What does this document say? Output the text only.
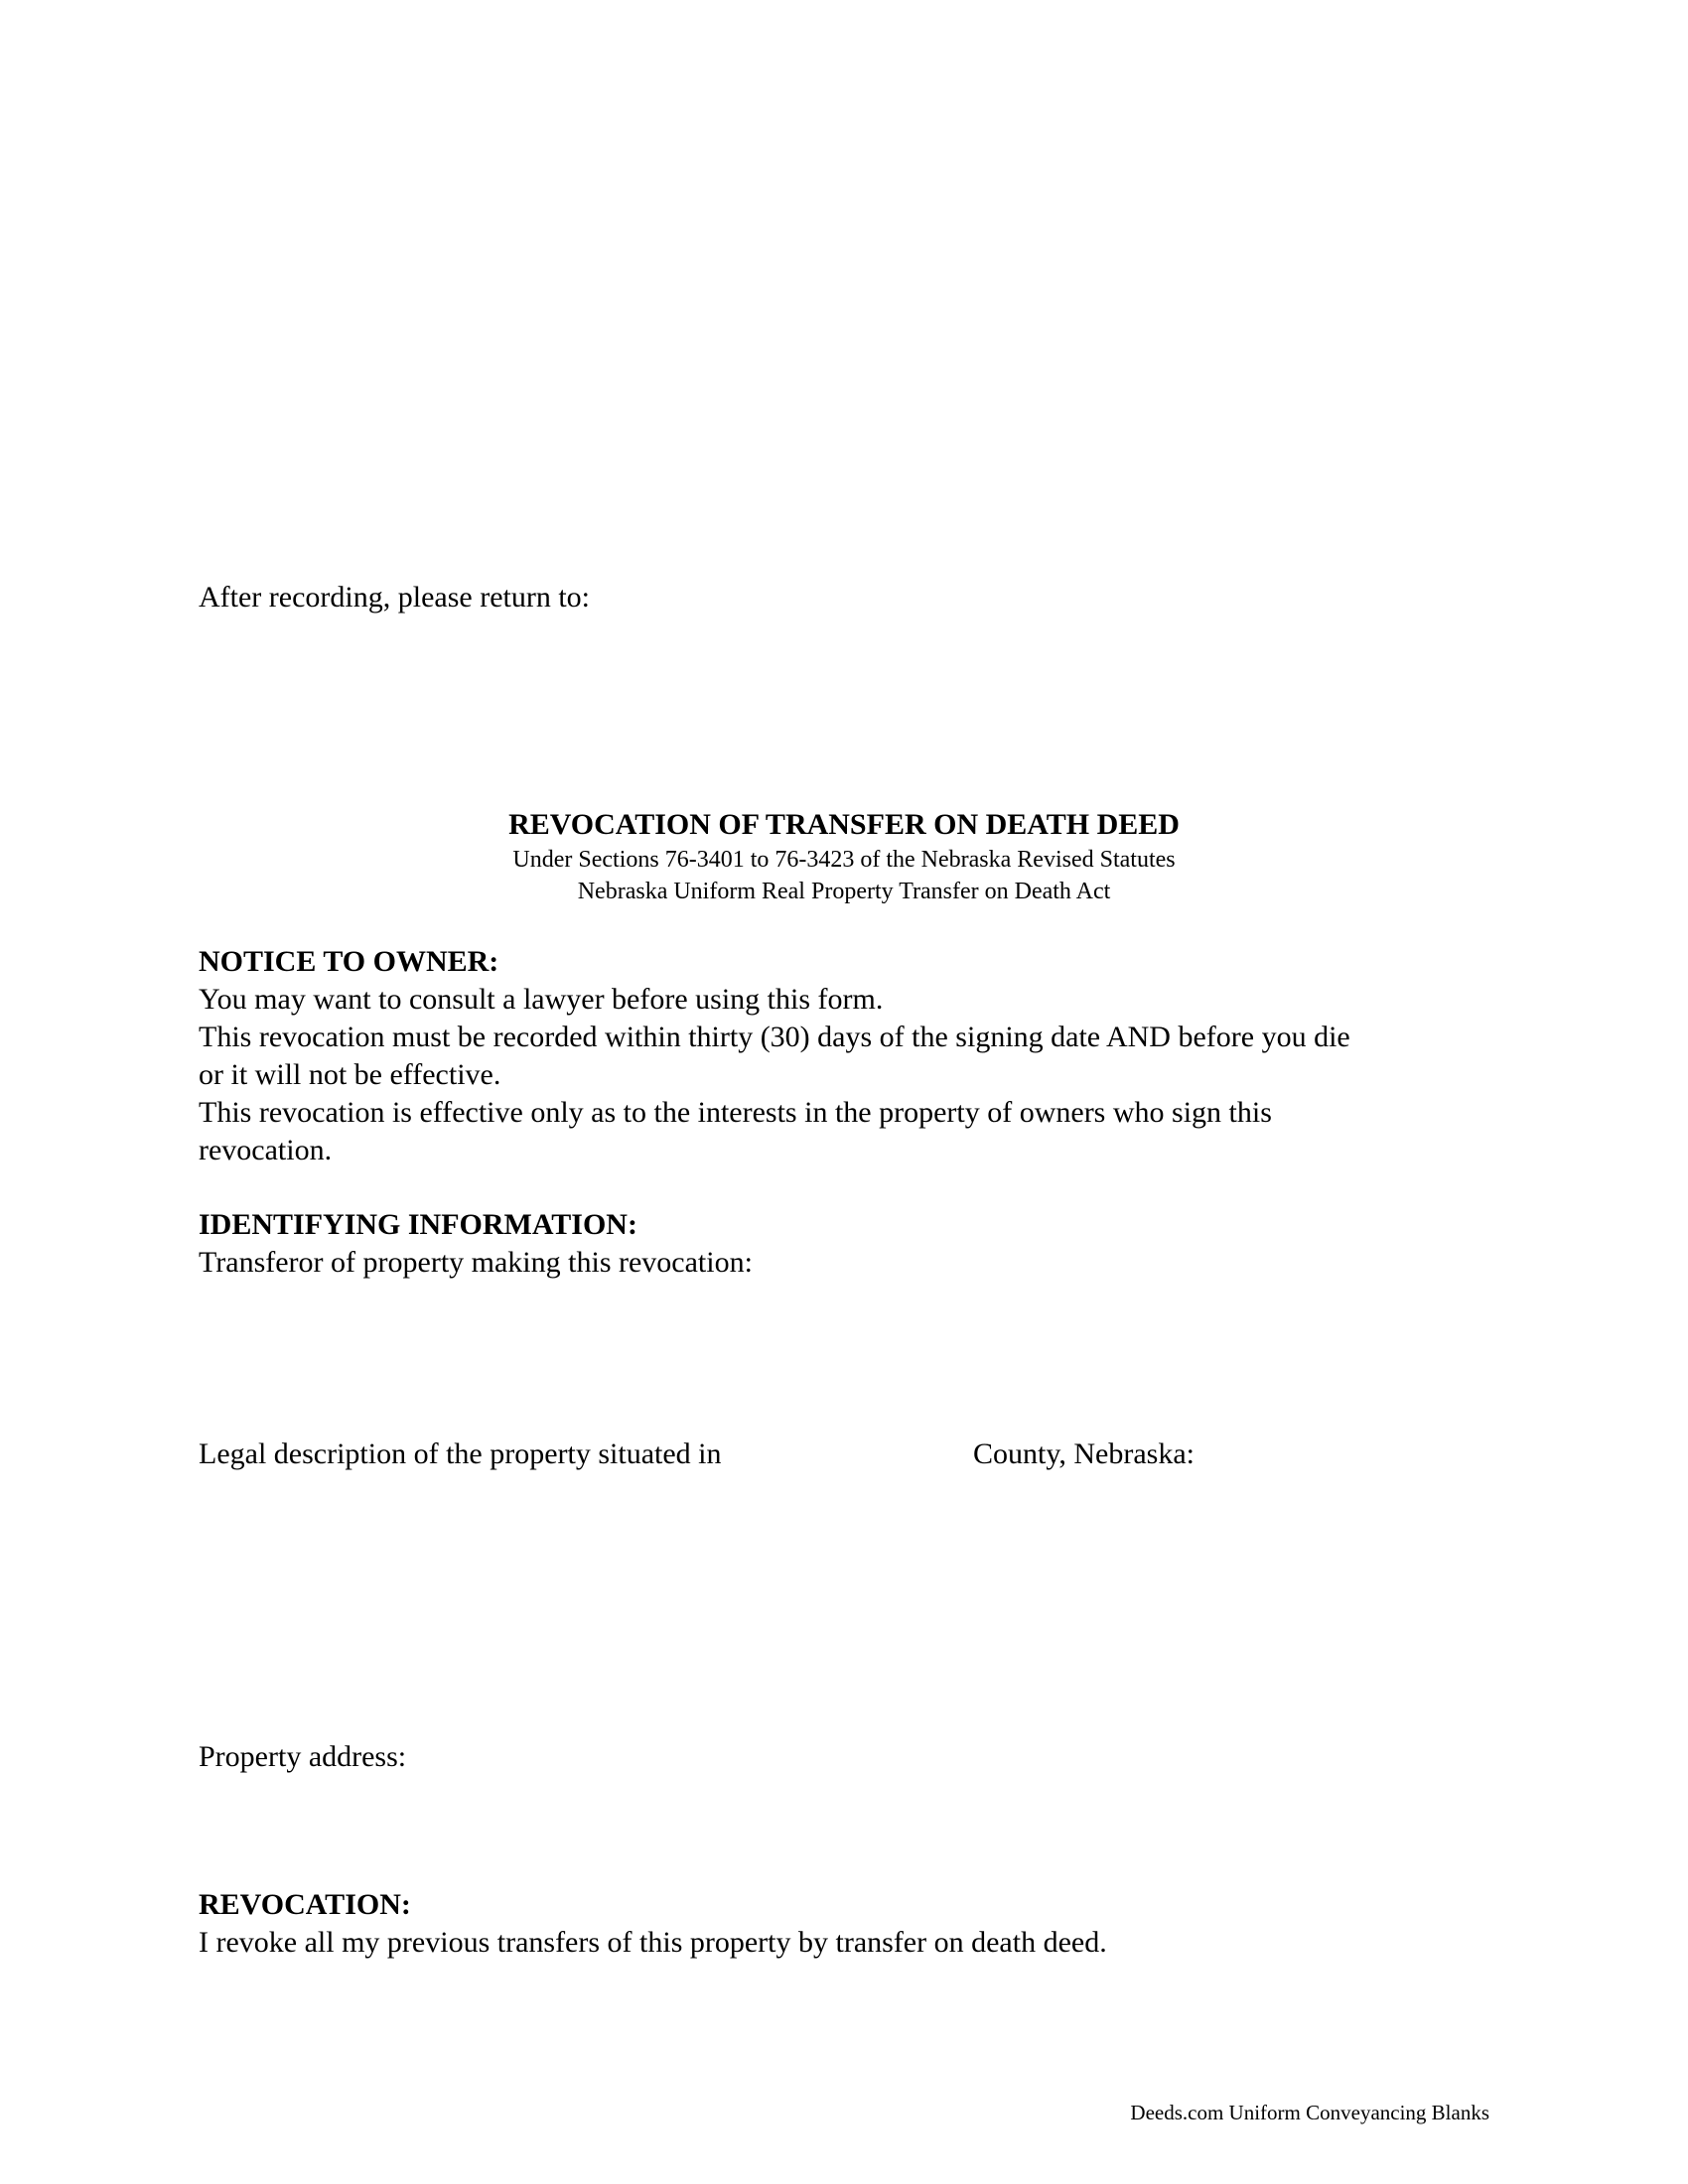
After recording, please return to:

REVOCATION OF TRANSFER ON DEATH DEED

Under Sections 76-3401 to 76-3423 of the Nebraska Revised Statutes

Nebraska Uniform Real Property Transfer on Death Act

NOTICE TO OWNER:

You may want to consult a lawyer before using this form.

This revocation must be recorded within thirty (30) days of the signing date AND before you die

or it will not be effective.

This revocation is effective only as to the interests in the property of owners who sign this

revocation.

IDENTIFYING INFORMATION:

Transferor of property making this revocation:

Legal description of the property situated in	County, Nebraska:

Property address:

REVOCATION:

I revoke all my previous transfers of this property by transfer on death deed.

Deeds.com Uniform Conveyancing Blanks
